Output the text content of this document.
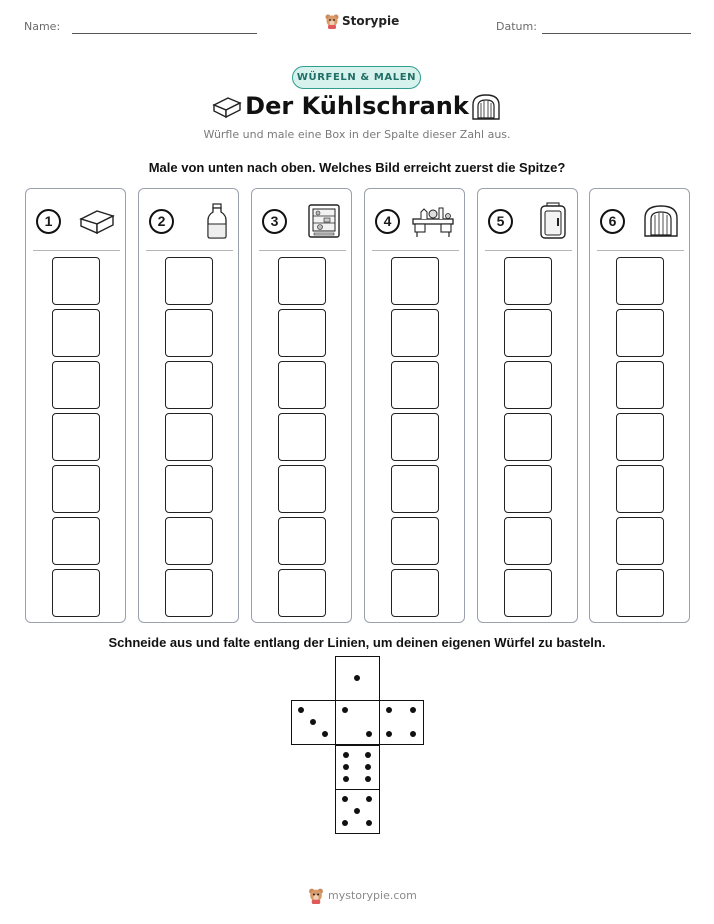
Name:	Storypie	Datum:
WÜRFELN & MALEN
Der Kühlschrank
Würfle und male eine Box in der Spalte dieser Zahl aus.
Male von unten nach oben. Welches Bild erreicht zuerst die Spitze?
1	2	3	4	5	6
Schneide aus und falte entlang der Linien, um deinen eigenen Würfel zu basteln.
mystorypie.com
